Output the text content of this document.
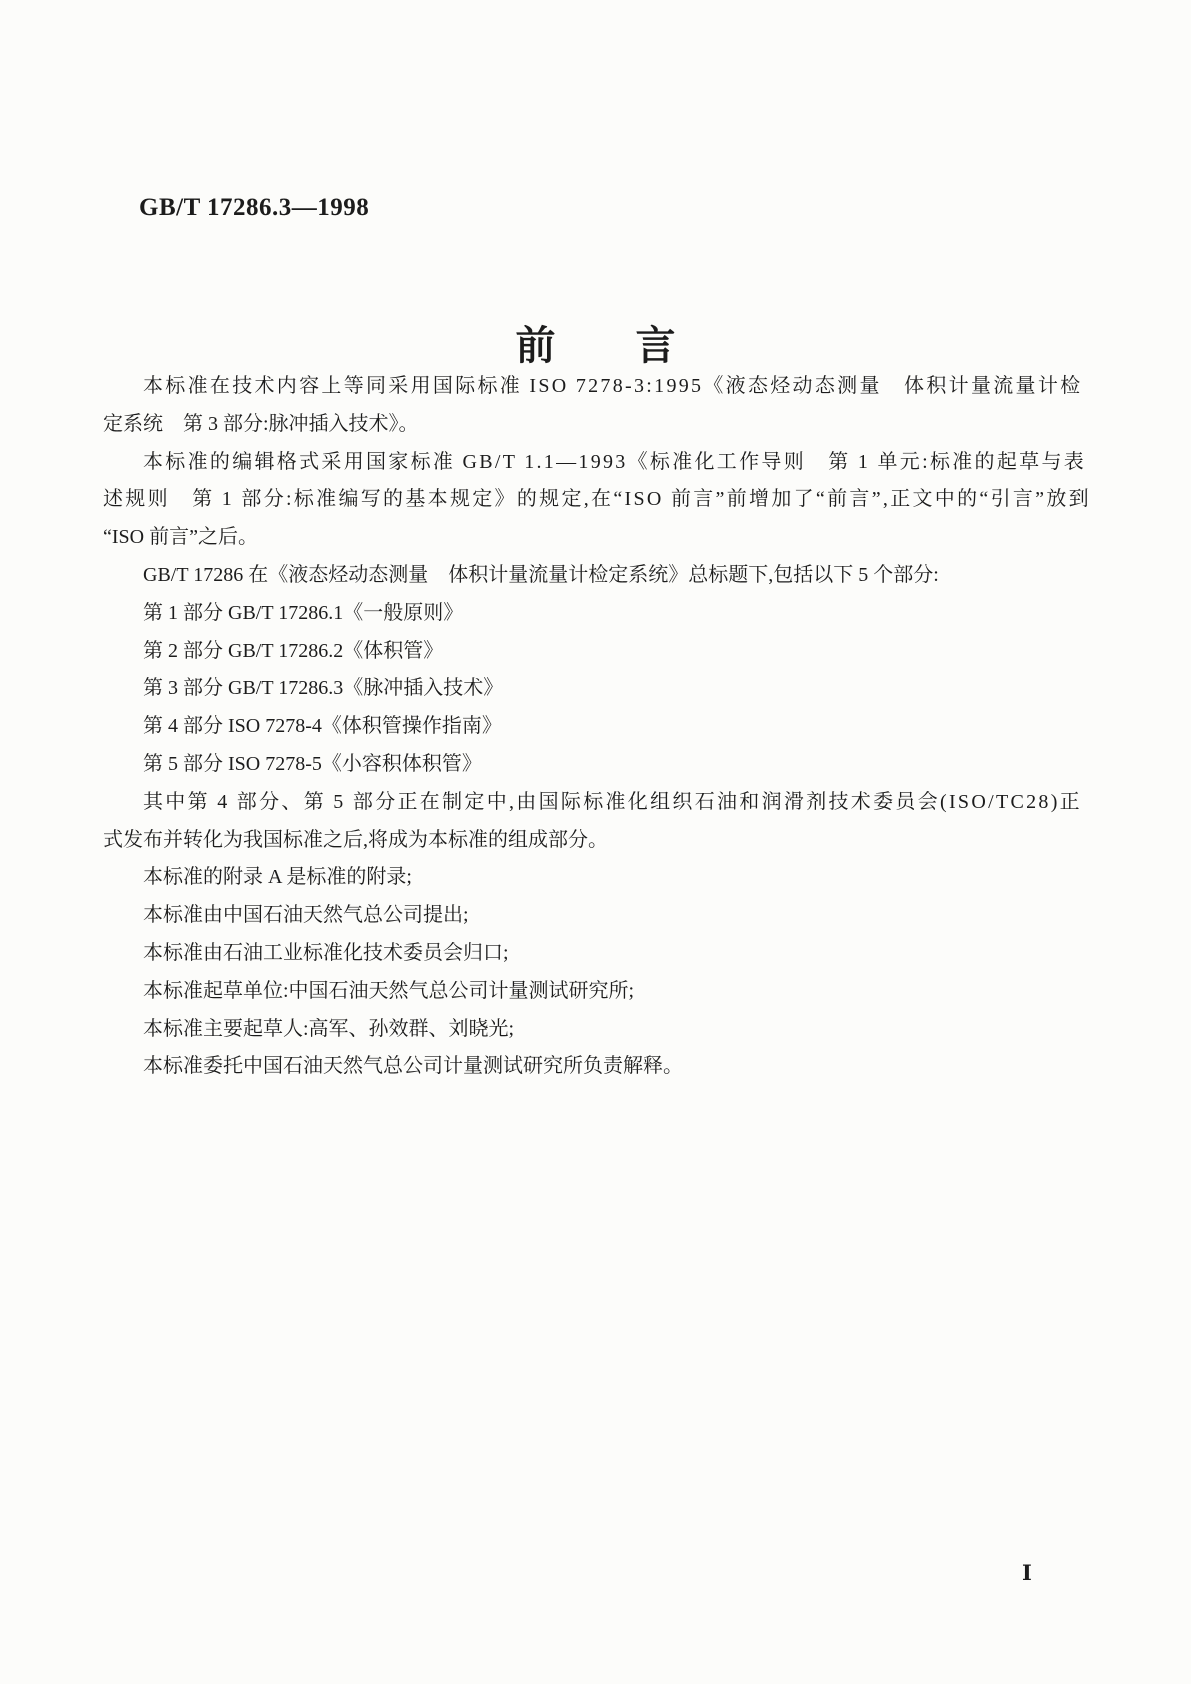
GB/T 17286.3—1998
前　　言
本标准在技术内容上等同采用国际标准 ISO 7278-3:1995《液态烃动态测量　体积计量流量计检
定系统　第 3 部分:脉冲插入技术》。
本标准的编辑格式采用国家标准 GB/T 1.1—1993《标准化工作导则　第 1 单元:标准的起草与表
述规则　第 1 部分:标准编写的基本规定》的规定,在“ISO 前言”前增加了“前言”,正文中的“引言”放到
“ISO 前言”之后。
GB/T 17286 在《液态烃动态测量　体积计量流量计检定系统》总标题下,包括以下 5 个部分:
第 1 部分 GB/T 17286.1《一般原则》
第 2 部分 GB/T 17286.2《体积管》
第 3 部分 GB/T 17286.3《脉冲插入技术》
第 4 部分 ISO 7278-4《体积管操作指南》
第 5 部分 ISO 7278-5《小容积体积管》
其中第 4 部分、第 5 部分正在制定中,由国际标准化组织石油和润滑剂技术委员会(ISO/TC28)正
式发布并转化为我国标准之后,将成为本标准的组成部分。
本标准的附录 A 是标准的附录;
本标准由中国石油天然气总公司提出;
本标准由石油工业标准化技术委员会归口;
本标准起草单位:中国石油天然气总公司计量测试研究所;
本标准主要起草人:高军、孙效群、刘晓光;
本标准委托中国石油天然气总公司计量测试研究所负责解释。
Ⅰ
